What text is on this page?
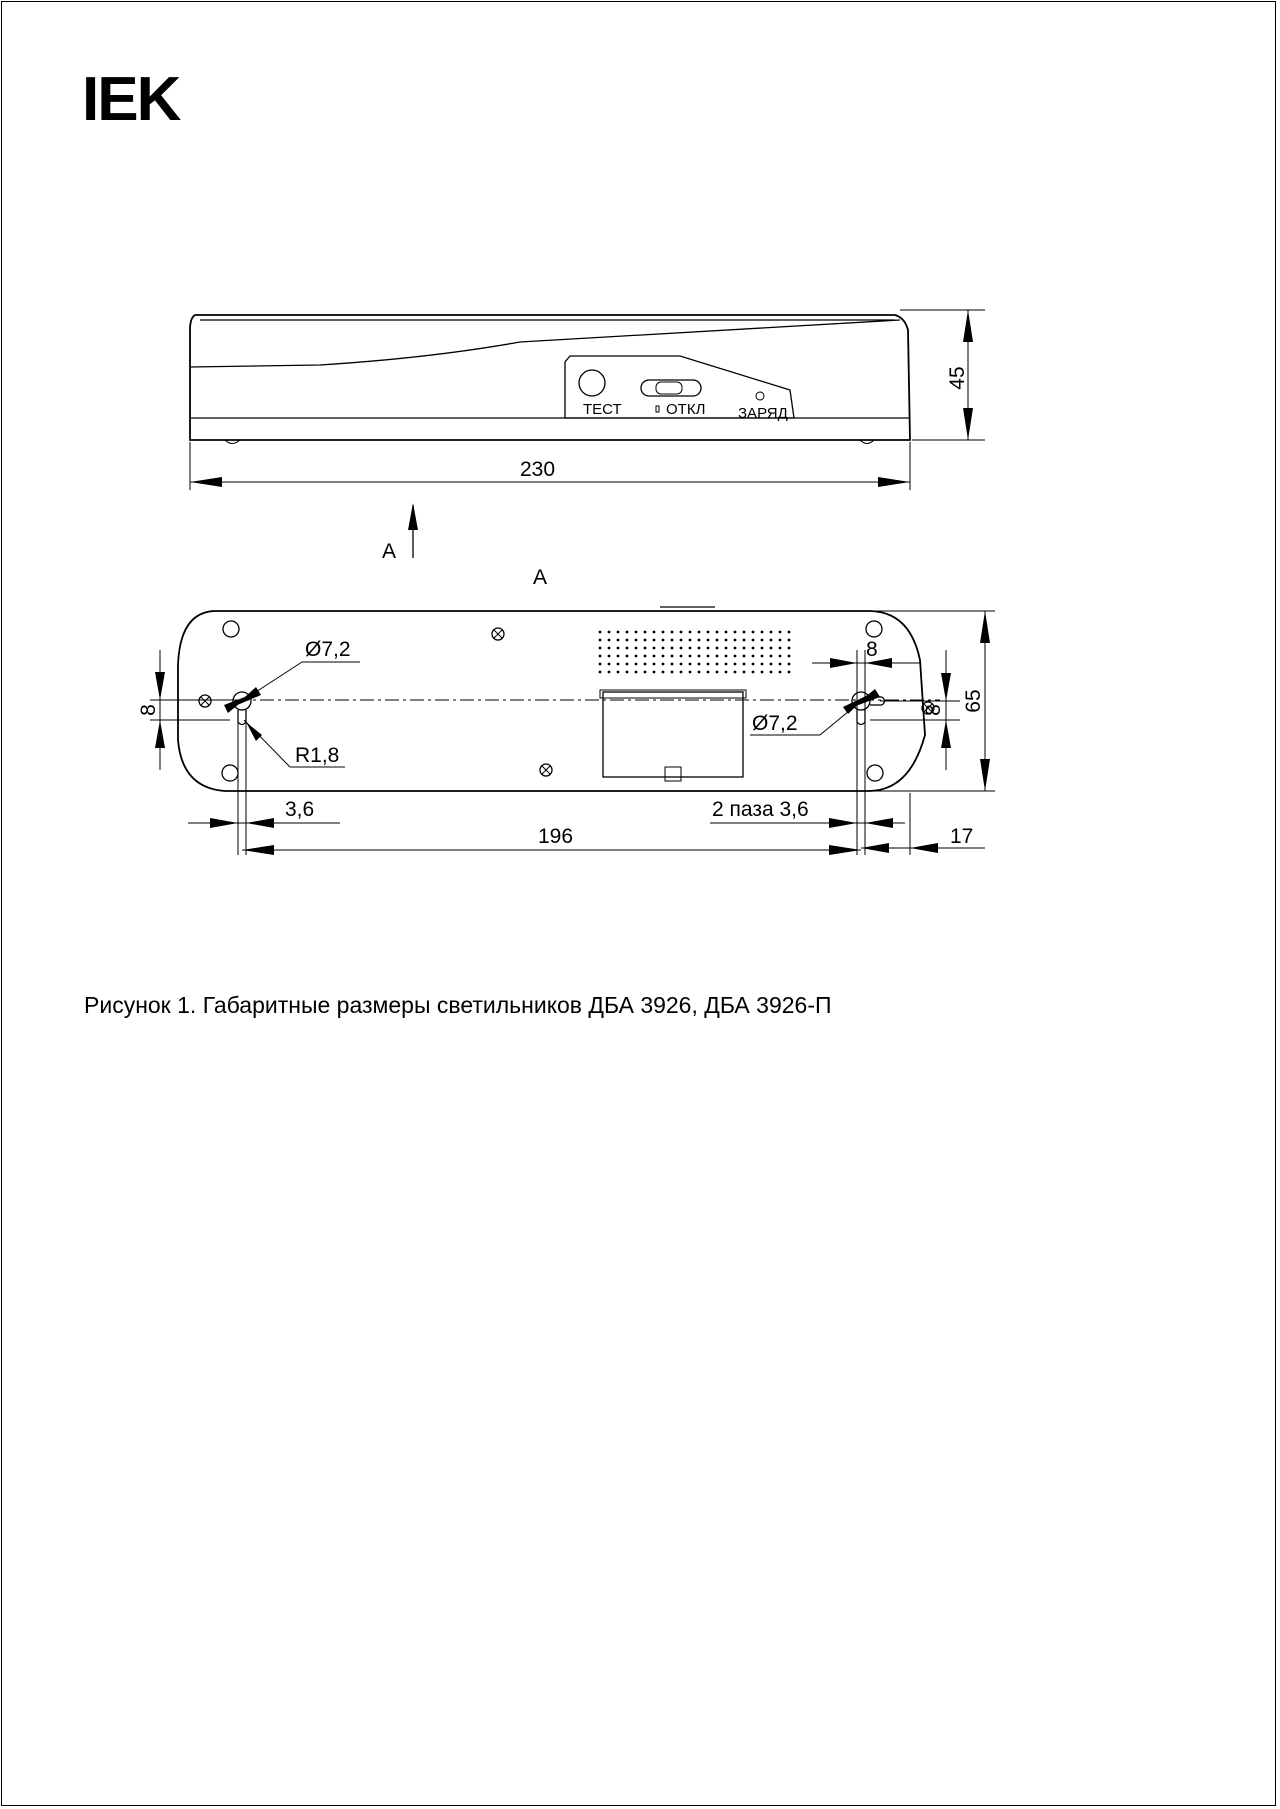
IEK
ТЕСТ	ОТКЛ ЗАРЯД
230
45
А
А
Ø7,2
R1,8
8
Ø7,2
8
8 65
3,6	2 паза 3,6
196	17
Рисунок 1. Габаритные размеры светильников ДБА 3926, ДБА 3926-П
